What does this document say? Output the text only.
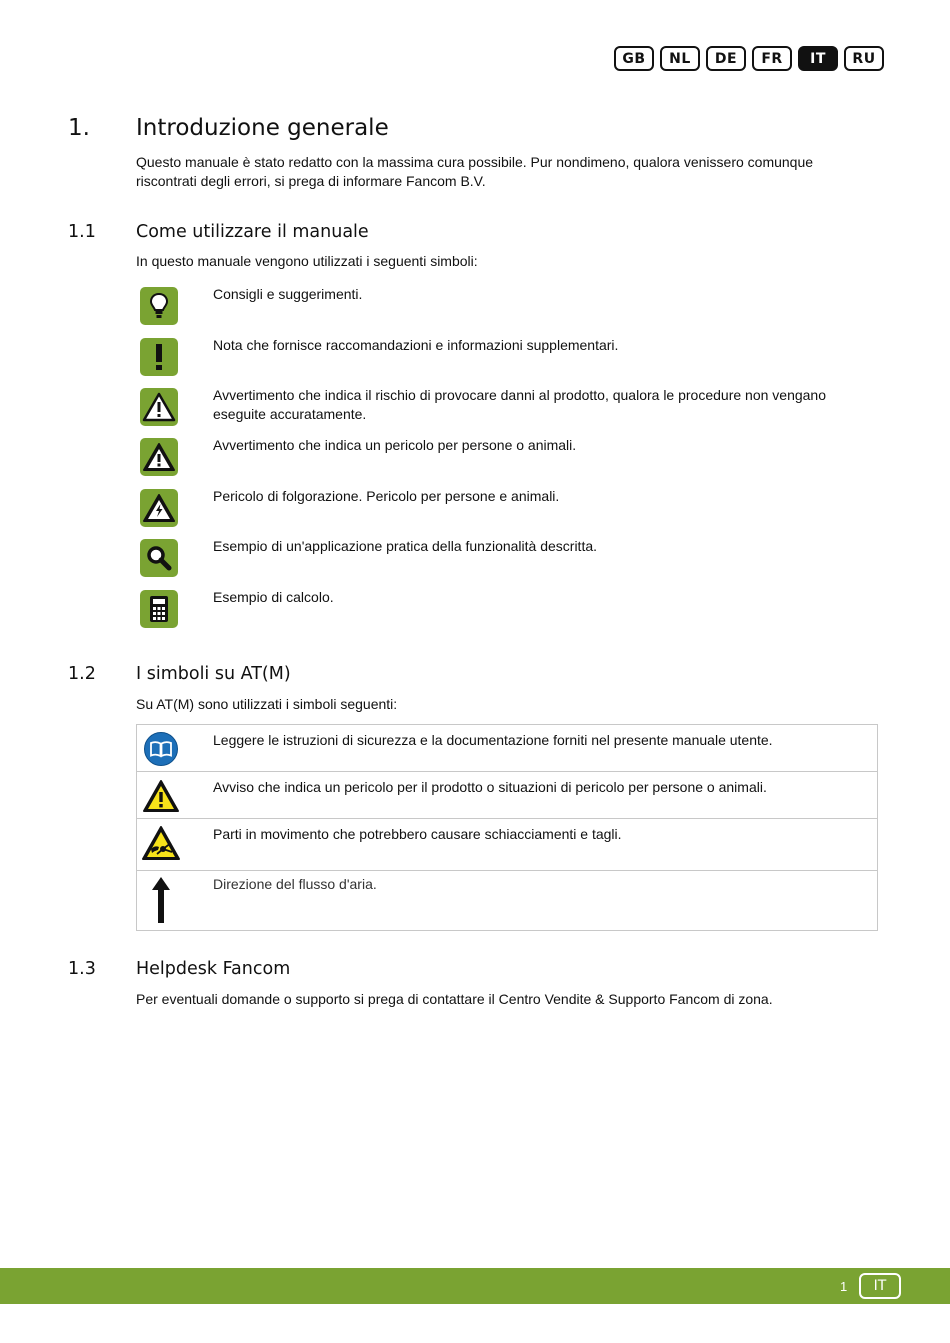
GB	NL	DE	FR	IT	RU
1. Introduzione generale
Questo manuale è stato redatto con la massima cura possibile. Pur nondimeno, qualora venissero comunque
riscontrati degli errori, si prega di informare Fancom B.V.
1.1 Come utilizzare il manuale
In questo manuale vengono utilizzati i seguenti simboli:
Consigli e suggerimenti.
Nota che fornisce raccomandazioni e informazioni supplementari.
Avvertimento che indica il rischio di provocare danni al prodotto, qualora le procedure non vengano eseguite accuratamente.
Avvertimento che indica un pericolo per persone o animali.
Pericolo di folgorazione. Pericolo per persone e animali.
Esempio di un'applicazione pratica della funzionalità descritta.
Esempio di calcolo.
1.2 I simboli su AT(M)
Su AT(M) sono utilizzati i simboli seguenti:
Leggere le istruzioni di sicurezza e la documentazione forniti nel presente manuale utente.
Avviso che indica un pericolo per il prodotto o situazioni di pericolo per persone o animali.
Parti in movimento che potrebbero causare schiacciamenti e tagli.
Direzione del flusso d'aria.
1.3 Helpdesk Fancom
Per eventuali domande o supporto si prega di contattare il Centro Vendite & Supporto Fancom di zona.
1	IT
